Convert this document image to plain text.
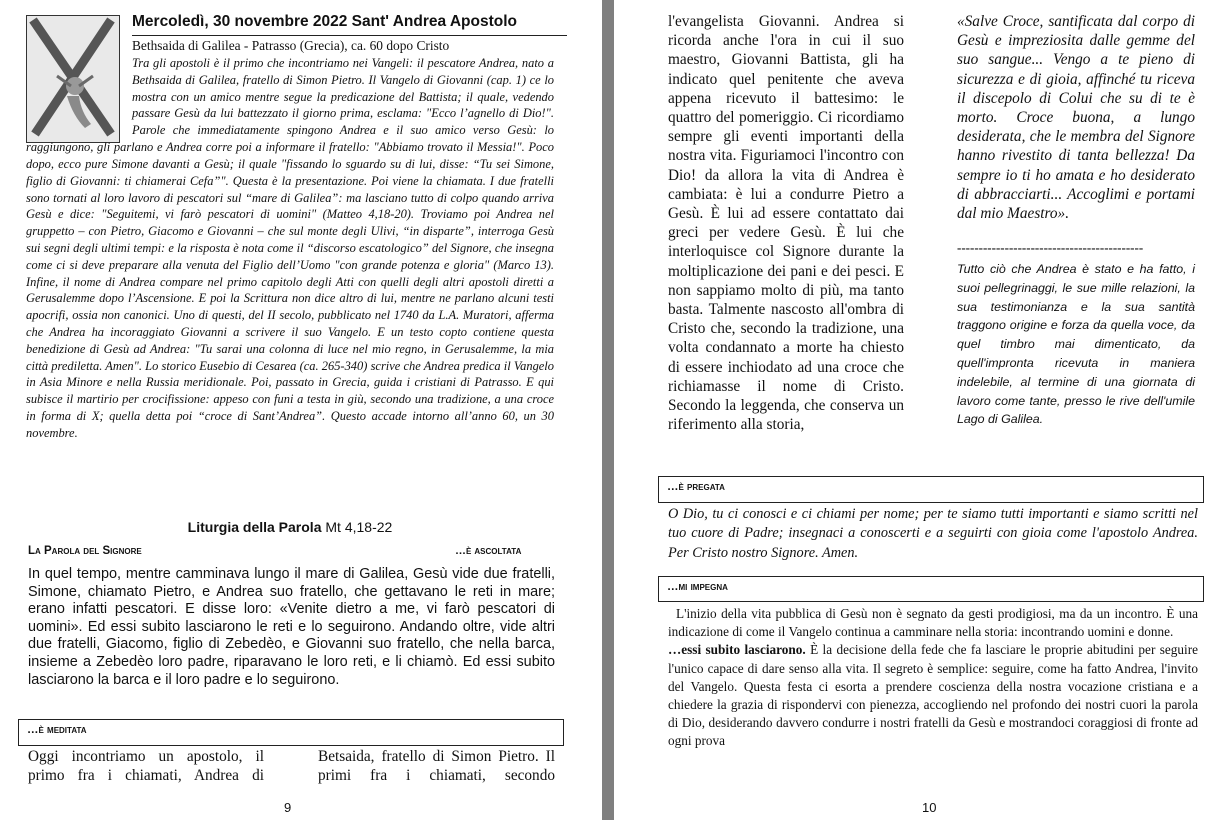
Mercoledì, 30 novembre 2022 Sant' Andrea Apostolo
Bethsaida di Galilea - Patrasso (Grecia), ca. 60 dopo Cristo
Tra gli apostoli è il primo che incontriamo nei Vangeli: il pescatore Andrea, nato a Bethsaida di Galilea, fratello di Simon Pietro. Il Vangelo di Giovanni (cap. 1) ce lo mostra con un amico mentre segue la predicazione del Battista; il quale, vedendo passare Gesù da lui battezzato il giorno prima, esclama: "Ecco l’agnello di Dio!". Parole che immediatamente spingono Andrea e il suo amico verso Gesù: lo raggiungono, gli parlano e Andrea corre poi a informare il fratello: "Abbiamo trovato il Messia!". Poco dopo, ecco pure Simone davanti a Gesù; il quale "fissando lo sguardo su di lui, disse: “Tu sei Simone, figlio di Giovanni: ti chiamerai Cefa”". Questa è la presentazione. Poi viene la chiamata. I due fratelli sono tornati al loro lavoro di pescatori sul “mare di Galilea”: ma lasciano tutto di colpo quando arriva Gesù e dice: "Seguitemi, vi farò pescatori di uomini" (Matteo 4,18-20). Troviamo poi Andrea nel gruppetto – con Pietro, Giacomo e Giovanni – che sul monte degli Ulivi, “in disparte”, interroga Gesù sui segni degli ultimi tempi: e la risposta è nota come il “discorso escatologico” del Signore, che insegna come ci si deve preparare alla venuta del Figlio dell’Uomo "con grande potenza e gloria" (Marco 13). Infine, il nome di Andrea compare nel primo capitolo degli Atti con quelli degli altri apostoli diretti a Gerusalemme dopo l’Ascensione. E poi la Scrittura non dice altro di lui, mentre ne parlano alcuni testi apocrifi, ossia non canonici. Uno di questi, del II secolo, pubblicato nel 1740 da L.A. Muratori, afferma che Andrea ha incoraggiato Giovanni a scrivere il suo Vangelo. E un testo copto contiene questa benedizione di Gesù ad Andrea: "Tu sarai una colonna di luce nel mio regno, in Gerusalemme, la mia città prediletta. Amen". Lo storico Eusebio di Cesarea (ca. 265-340) scrive che Andrea predica il Vangelo in Asia Minore e nella Russia meridionale. Poi, passato in Grecia, guida i cristiani di Patrasso. E qui subisce il martirio per crocifissione: appeso con funi a testa in giù, secondo una tradizione, a una croce in forma di X; quella detta poi “croce di Sant’Andrea”. Questo accade intorno all’anno 60, un 30 novembre.
Liturgia della Parola Mt 4,18-22
La Parola del Signore	…è ascoltata
In quel tempo, mentre camminava lungo il mare di Galilea, Gesù vide due fratelli, Simone, chiamato Pietro, e Andrea suo fratello, che gettavano le reti in mare; erano infatti pescatori. E disse loro: «Venite dietro a me, vi farò pescatori di uomini». Ed essi subito lasciarono le reti e lo seguirono. Andando oltre, vide altri due fratelli, Giacomo, figlio di Zebedèo, e Giovanni suo fratello, che nella barca, insieme a Zebedèo loro padre, riparavano le loro reti, e li chiamò. Ed essi subito lasciarono la barca e il loro padre e lo seguirono.
…è meditata
Oggi incontriamo un apostolo, il primo fra i chiamati, Andrea di
Betsaida, fratello di Simon Pietro. Il primi fra i chiamati, secondo
9
l'evangelista Giovanni. Andrea si ricorda anche l'ora in cui il suo maestro, Giovanni Battista, gli ha indicato quel penitente che aveva appena ricevuto il battesimo: le quattro del pomeriggio. Ci ricordiamo sempre gli eventi importanti della nostra vita. Figuriamoci l'incontro con Dio! da allora la vita di Andrea è cambiata: è lui a condurre Pietro a Gesù. È lui ad essere contattato dai greci per vedere Gesù. È lui che interloquisce col Signore durante la moltiplicazione dei pani e dei pesci. E non sappiamo molto di più, ma tanto basta. Talmente nascosto all'ombra di Cristo che, secondo la tradizione, una volta condannato a morte ha chiesto di essere inchiodato ad una croce che richiamasse il nome di Cristo. Secondo la leggenda, che conserva un riferimento alla storia,
«Salve Croce, santificata dal corpo di Gesù e impreziosita dalle gemme del suo sangue... Vengo a te pieno di sicurezza e di gioia, affinché tu riceva il discepolo di Colui che su di te è morto. Croce buona, a lungo desiderata, che le membra del Signore hanno rivestito di tanta bellezza! Da sempre io ti ho amata e ho desiderato di abbracciarti... Accoglimi e portami dal mio Maestro».
-------------------------------------------
Tutto ciò che Andrea è stato e ha fatto, i suoi pellegrinaggi, le sue mille relazioni, la sua testimonianza e la sua santità traggono origine e forza da quella voce, da quel timbro mai dimenticato, da quell'impronta ricevuta in maniera indelebile, al termine di una giornata di lavoro come tante, presso le rive dell'umile Lago di Galilea.
…è pregata
O Dio, tu ci conosci e ci chiami per nome; per te siamo tutti importanti e siamo scritti nel tuo cuore di Padre; insegnaci a conoscerti e a seguirti con gioia come l'apostolo Andrea. Per Cristo nostro Signore. Amen.
…mi impegna
L'inizio della vita pubblica di Gesù non è segnato da gesti prodigiosi, ma da un incontro. È una indicazione di come il Vangelo continua a camminare nella storia: incontrando uomini e donne.
…essi subito lasciarono. È la decisione della fede che fa lasciare le proprie abitudini per seguire l'unico capace di dare senso alla vita. Il segreto è semplice: seguire, come ha fatto Andrea, l'invito del Vangelo. Questa festa ci esorta a prendere coscienza della nostra vocazione cristiana e a chiedere la grazia di rispondervi con pienezza, accogliendo nel profondo dei nostri cuori la parola di Dio, desiderando davvero condurre i nostri fratelli da Gesù e mostrandoci coraggiosi di fronte ad ogni prova
10
